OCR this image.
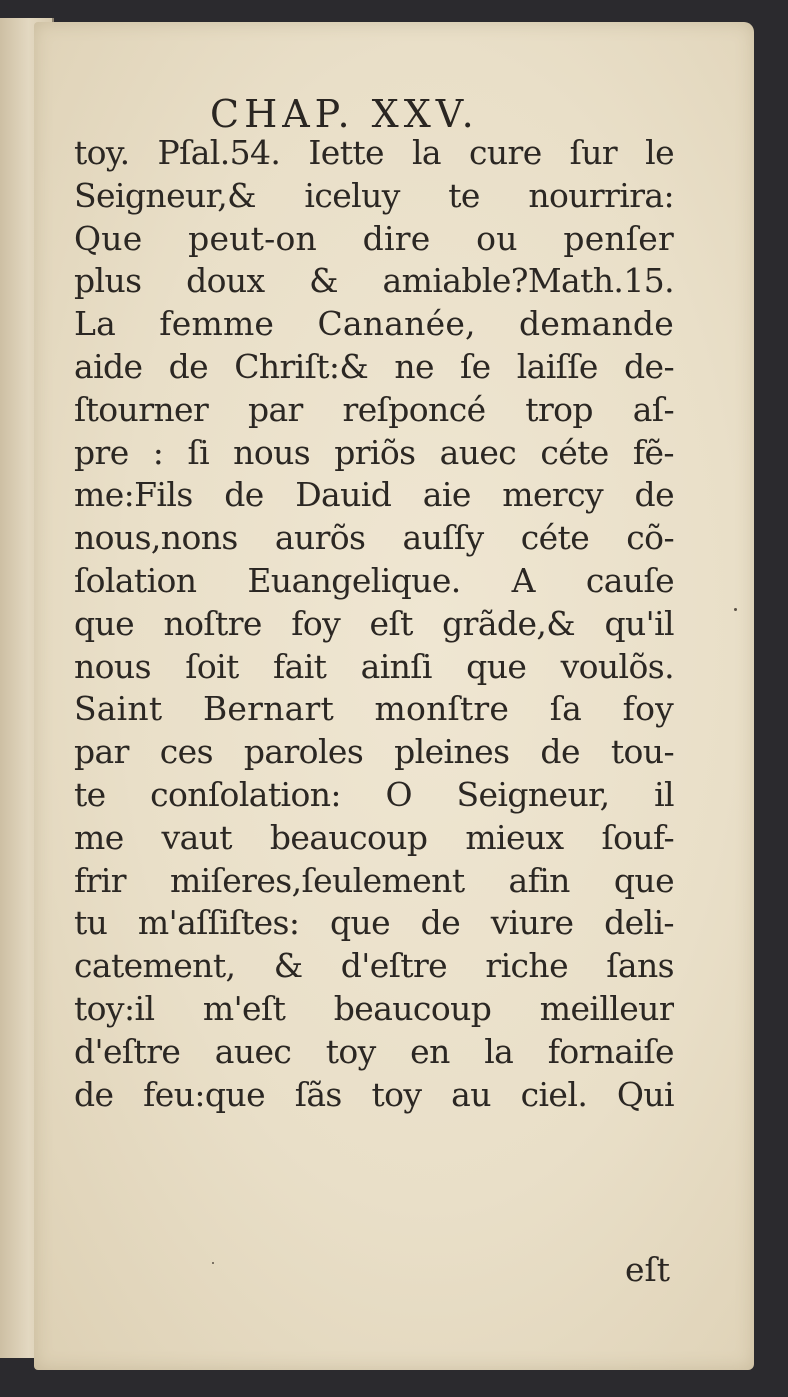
CHAP. XXV.
toy. Pſal.54. Iette la cure ſur le
Seigneur,& iceluy te nourrira:
Que peut-on dire ou penſer
plus doux & amiable?Math.15.
La femme Cananée, demande
aide de Chriſt:& ne ſe laiſſe de-
ſtourner par reſponcé trop aſ-
pre : ſi nous priõs auec céte fẽ-
me:Fils de Dauid aie mercy de
nous,nons aurõs auſſy céte cõ-
ſolation Euangelique. A cauſe
que noſtre foy eſt grãde,& qu'il
nous ſoit fait ainſi que voulõs.
Saint Bernart monſtre ſa foy
par ces paroles pleines de tou-
te conſolation: O Seigneur, il
me vaut beaucoup mieux ſouf-
frir miſeres,ſeulement afin que
tu m'aſſiſtes: que de viure deli-
catement, & d'eſtre riche ſans
toy:il m'eſt beaucoup meilleur
d'eſtre auec toy en la fornaiſe
de feu:que ſãs toy au ciel. Qui
eſt
